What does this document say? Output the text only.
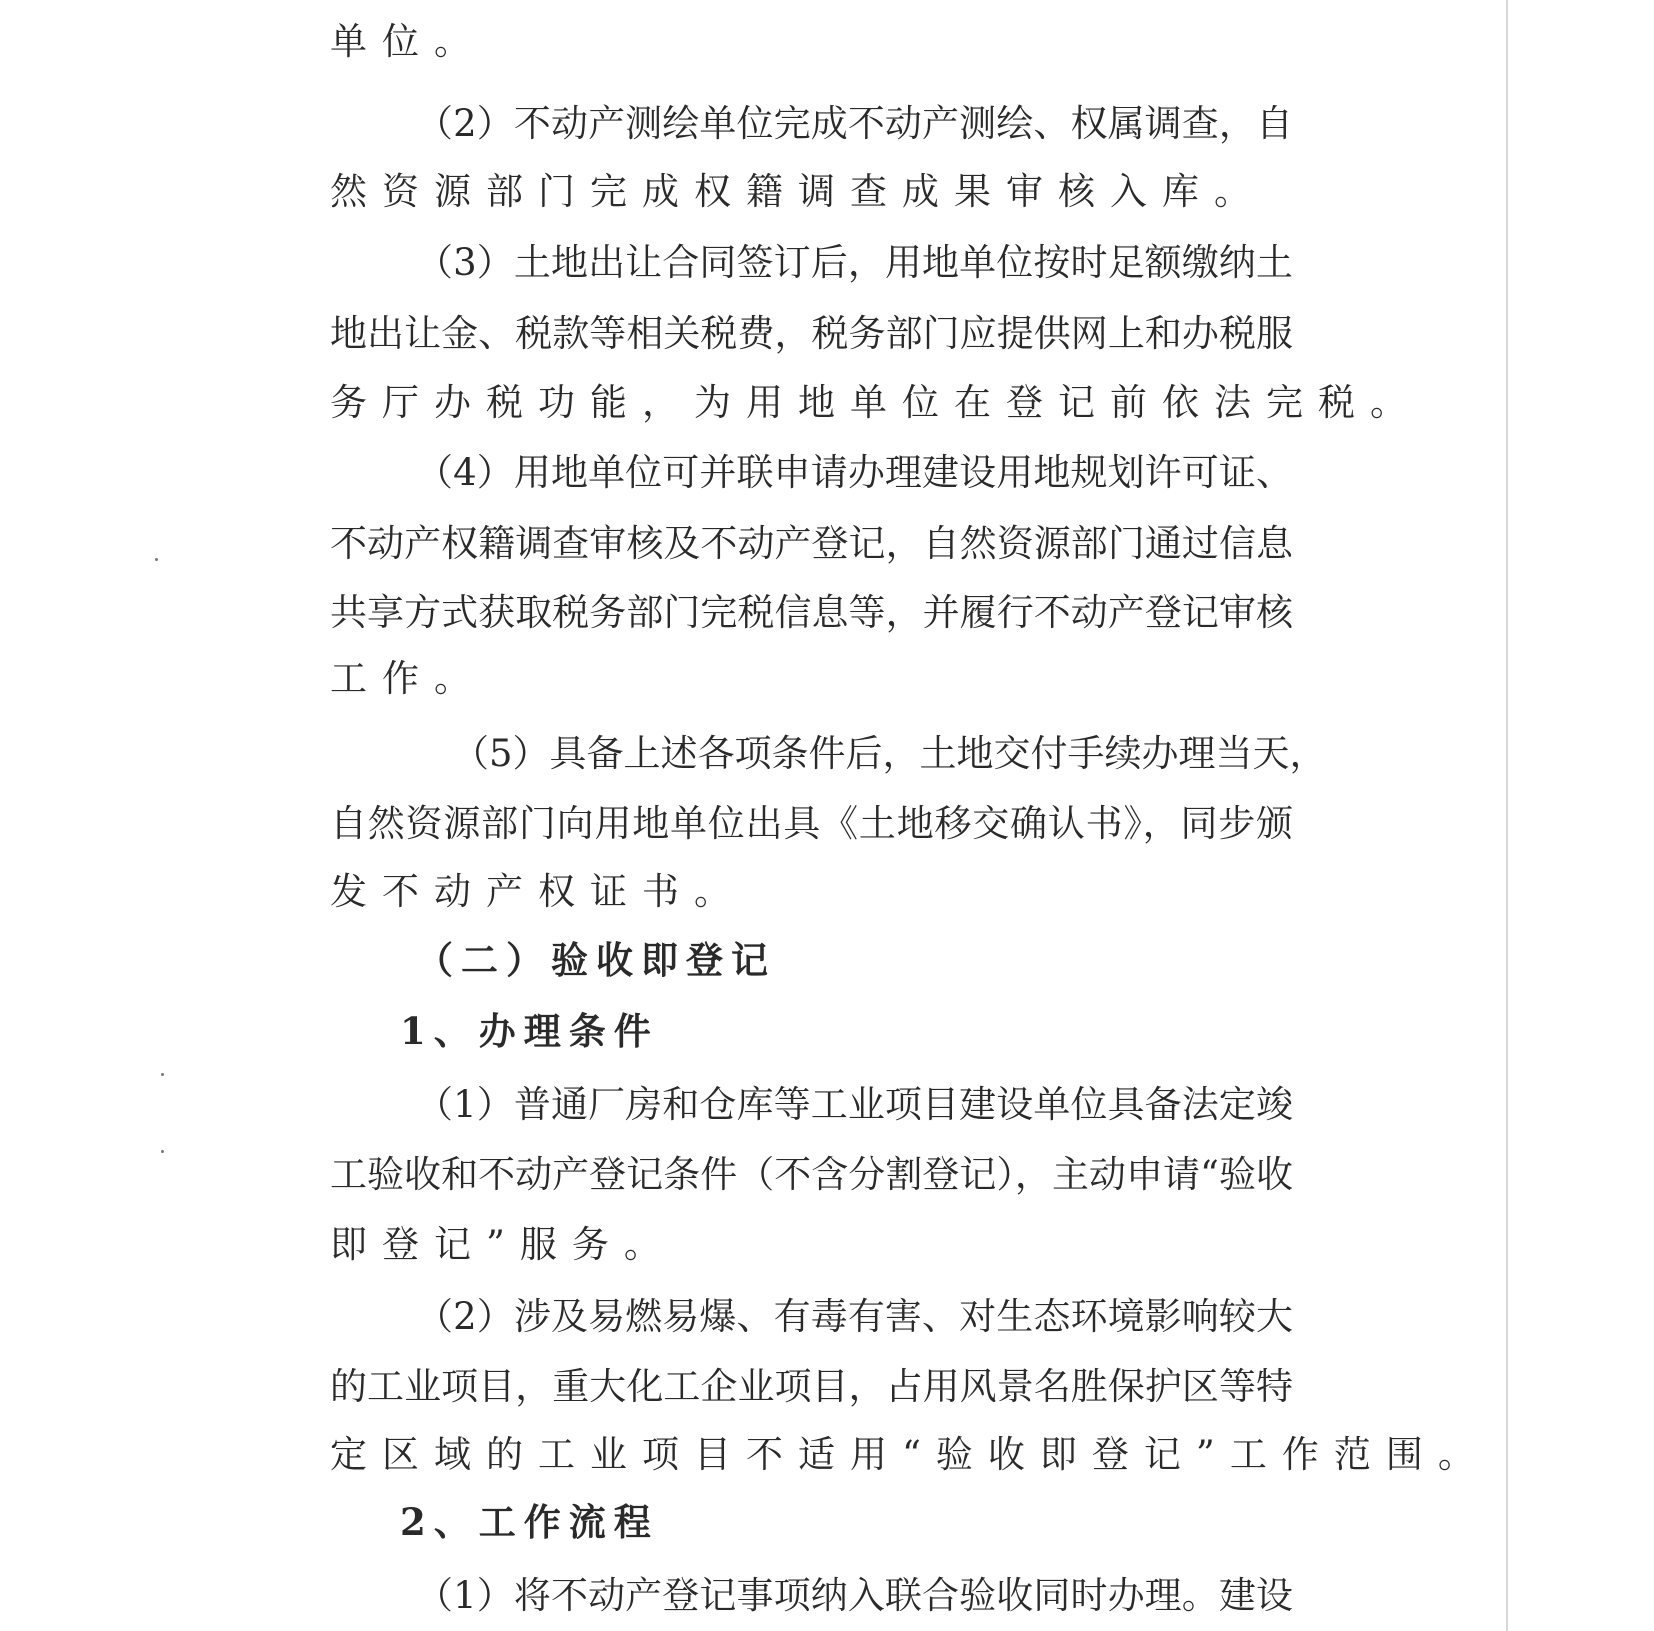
单位。
（2）不动产测绘单位完成不动产测绘、权属调查，自
然资源部门完成权籍调查成果审核入库。
（3）土地出让合同签订后，用地单位按时足额缴纳土
地出让金、税款等相关税费，税务部门应提供网上和办税服
务厅办税功能，为用地单位在登记前依法完税。
（4）用地单位可并联申请办理建设用地规划许可证、
不动产权籍调查审核及不动产登记，自然资源部门通过信息
共享方式获取税务部门完税信息等，并履行不动产登记审核
工作。
（5）具备上述各项条件后，土地交付手续办理当天，
自然资源部门向用地单位出具《土地移交确认书》，同步颁
发不动产权证书。
（二）验收即登记
1、办理条件
（1）普通厂房和仓库等工业项目建设单位具备法定竣
工验收和不动产登记条件（不含分割登记），主动申请“验收
即登记”服务。
（2）涉及易燃易爆、有毒有害、对生态环境影响较大
的工业项目，重大化工企业项目，占用风景名胜保护区等特
定区域的工业项目不适用“验收即登记”工作范围。
2、工作流程
（1）将不动产登记事项纳入联合验收同时办理。建设
